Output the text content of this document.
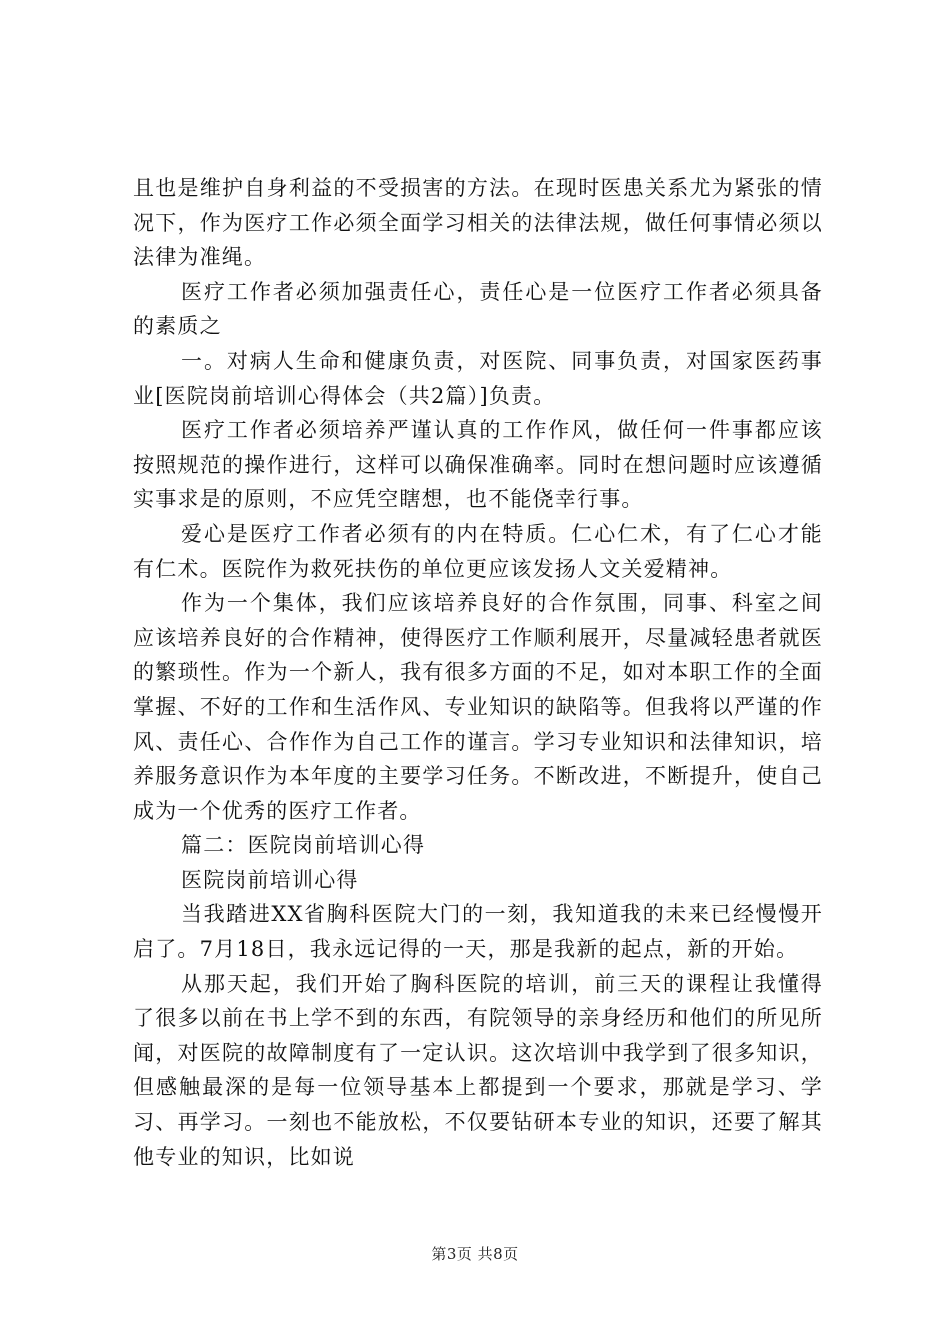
且也是维护自身利益的不受损害的方法。在现时医患关系尤为紧张的情况下，作为医疗工作必须全面学习相关的法律法规，做任何事情必须以法律为准绳。

医疗工作者必须加强责任心，责任心是一位医疗工作者必须具备的素质之

一。对病人生命和健康负责，对医院、同事负责，对国家医药事业[医院岗前培训心得体会（共2篇）]负责。

医疗工作者必须培养严谨认真的工作作风，做任何一件事都应该按照规范的操作进行，这样可以确保准确率。同时在想问题时应该遵循实事求是的原则，不应凭空瞎想，也不能侥幸行事。

爱心是医疗工作者必须有的内在特质。仁心仁术，有了仁心才能有仁术。医院作为救死扶伤的单位更应该发扬人文关爱精神。

作为一个集体，我们应该培养良好的合作氛围，同事、科室之间应该培养良好的合作精神，使得医疗工作顺利展开，尽量减轻患者就医的繁琐性。作为一个新人，我有很多方面的不足，如对本职工作的全面掌握、不好的工作和生活作风、专业知识的缺陷等。但我将以严谨的作风、责任心、合作作为自己工作的谨言。学习专业知识和法律知识，培养服务意识作为本年度的主要学习任务。不断改进，不断提升，使自己成为一个优秀的医疗工作者。

篇二：医院岗前培训心得

医院岗前培训心得

当我踏进XX省胸科医院大门的一刻，我知道我的未来已经慢慢开启了。7月18日，我永远记得的一天，那是我新的起点，新的开始。

从那天起，我们开始了胸科医院的培训，前三天的课程让我懂得了很多以前在书上学不到的东西，有院领导的亲身经历和他们的所见所闻，对医院的故障制度有了一定认识。这次培训中我学到了很多知识，但感触最深的是每一位领导基本上都提到一个要求，那就是学习、学习、再学习。一刻也不能放松，不仅要钻研本专业的知识，还要了解其他专业的知识，比如说

第3页 共8页
